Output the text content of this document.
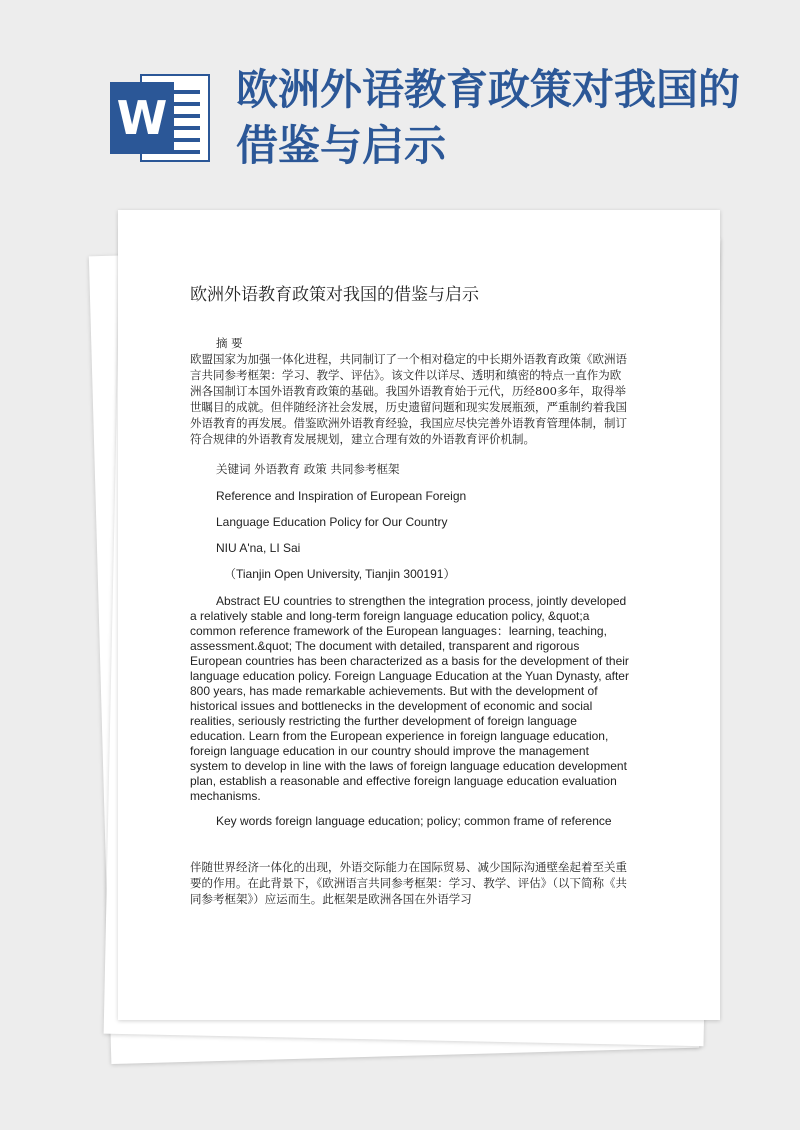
W
欧洲外语教育政策对我国的借鉴与启示
欧洲外语教育政策对我国的借鉴与启示

摘 要

欧盟国家为加强一体化进程，共同制订了一个相对稳定的中长期外语教育政策《欧洲语言共同参考框架：学习、教学、评估》。该文件以详尽、透明和缜密的特点一直作为欧洲各国制订本国外语教育政策的基础。我国外语教育始于元代，历经800多年，取得举世瞩目的成就。但伴随经济社会发展，历史遗留问题和现实发展瓶颈，严重制约着我国外语教育的再发展。借鉴欧洲外语教育经验，我国应尽快完善外语教育管理体制，制订符合规律的外语教育发展规划，建立合理有效的外语教育评价机制。

关键词 外语教育 政策 共同参考框架

Reference and Inspiration of European Foreign

Language Education Policy for Our Country

NIU A'na, LI Sai

（Tianjin Open University, Tianjin 300191）

Abstract EU countries to strengthen the integration process, jointly developed a relatively stable and long-term foreign language education policy, &quot;a common reference framework of the European languages：learning, teaching, assessment.&quot; The document with detailed, transparent and rigorous European countries has been characterized as a basis for the development of their language education policy. Foreign Language Education at the Yuan Dynasty, after 800 years, has made remarkable achievements. But with the development of historical issues and bottlenecks in the development of economic and social realities, seriously restricting the further development of foreign language education. Learn from the European experience in foreign language education, foreign language education in our country should improve the management system to develop in line with the laws of foreign language education development plan, establish a reasonable and effective foreign language education evaluation mechanisms.

Key words foreign language education; policy; common frame of reference

伴随世界经济一体化的出现，外语交际能力在国际贸易、减少国际沟通壁垒起着至关重要的作用。在此背景下，《欧洲语言共同参考框架：学习、教学、评估》（以下简称《共同参考框架》）应运而生。此框架是欧洲各国在外语学习
